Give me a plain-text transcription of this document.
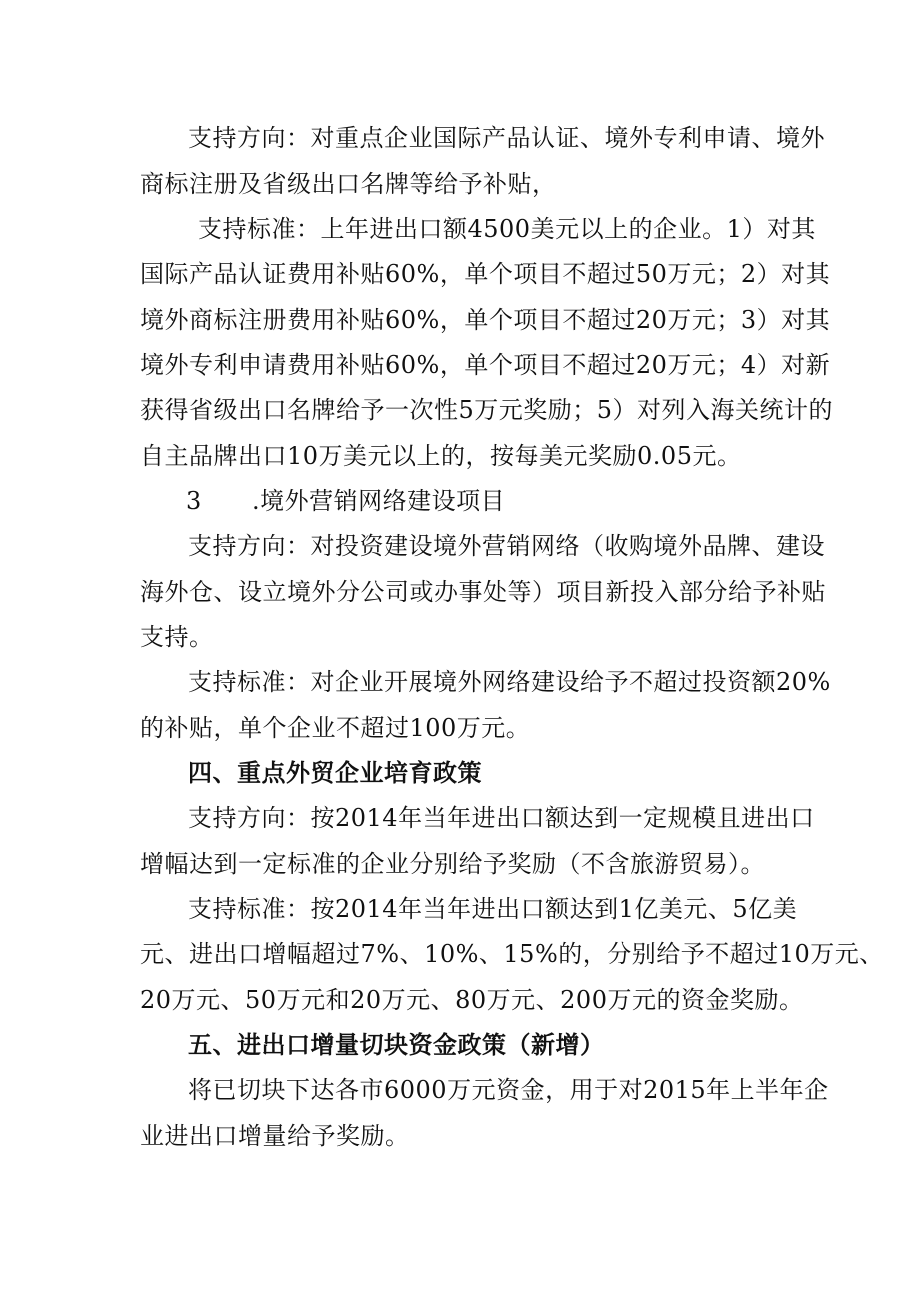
支持方向：对重点企业国际产品认证、境外专利申请、境外
商标注册及省级出口名牌等给予补贴，
支持标准：上年进出口额4500美元以上的企业。1）对其
国际产品认证费用补贴60%，单个项目不超过50万元；2）对其
境外商标注册费用补贴60%，单个项目不超过20万元；3）对其
境外专利申请费用补贴60%，单个项目不超过20万元；4）对新
获得省级出口名牌给予一次性5万元奖励；5）对列入海关统计的
自主品牌出口10万美元以上的，按每美元奖励0.05元。
3 .境外营销网络建设项目
支持方向：对投资建设境外营销网络（收购境外品牌、建设
海外仓、设立境外分公司或办事处等）项目新投入部分给予补贴
支持。
支持标准：对企业开展境外网络建设给予不超过投资额20%
的补贴，单个企业不超过100万元。
四、重点外贸企业培育政策
支持方向：按2014年当年进出口额达到一定规模且进出口
增幅达到一定标准的企业分别给予奖励（不含旅游贸易）。
支持标准：按2014年当年进出口额达到1亿美元、5亿美
元、进出口增幅超过7%、10%、15%的，分别给予不超过10万元、
20万元、50万元和20万元、80万元、200万元的资金奖励。
五、进出口增量切块资金政策（新增）
将已切块下达各市6000万元资金，用于对2015年上半年企
业进出口增量给予奖励。
